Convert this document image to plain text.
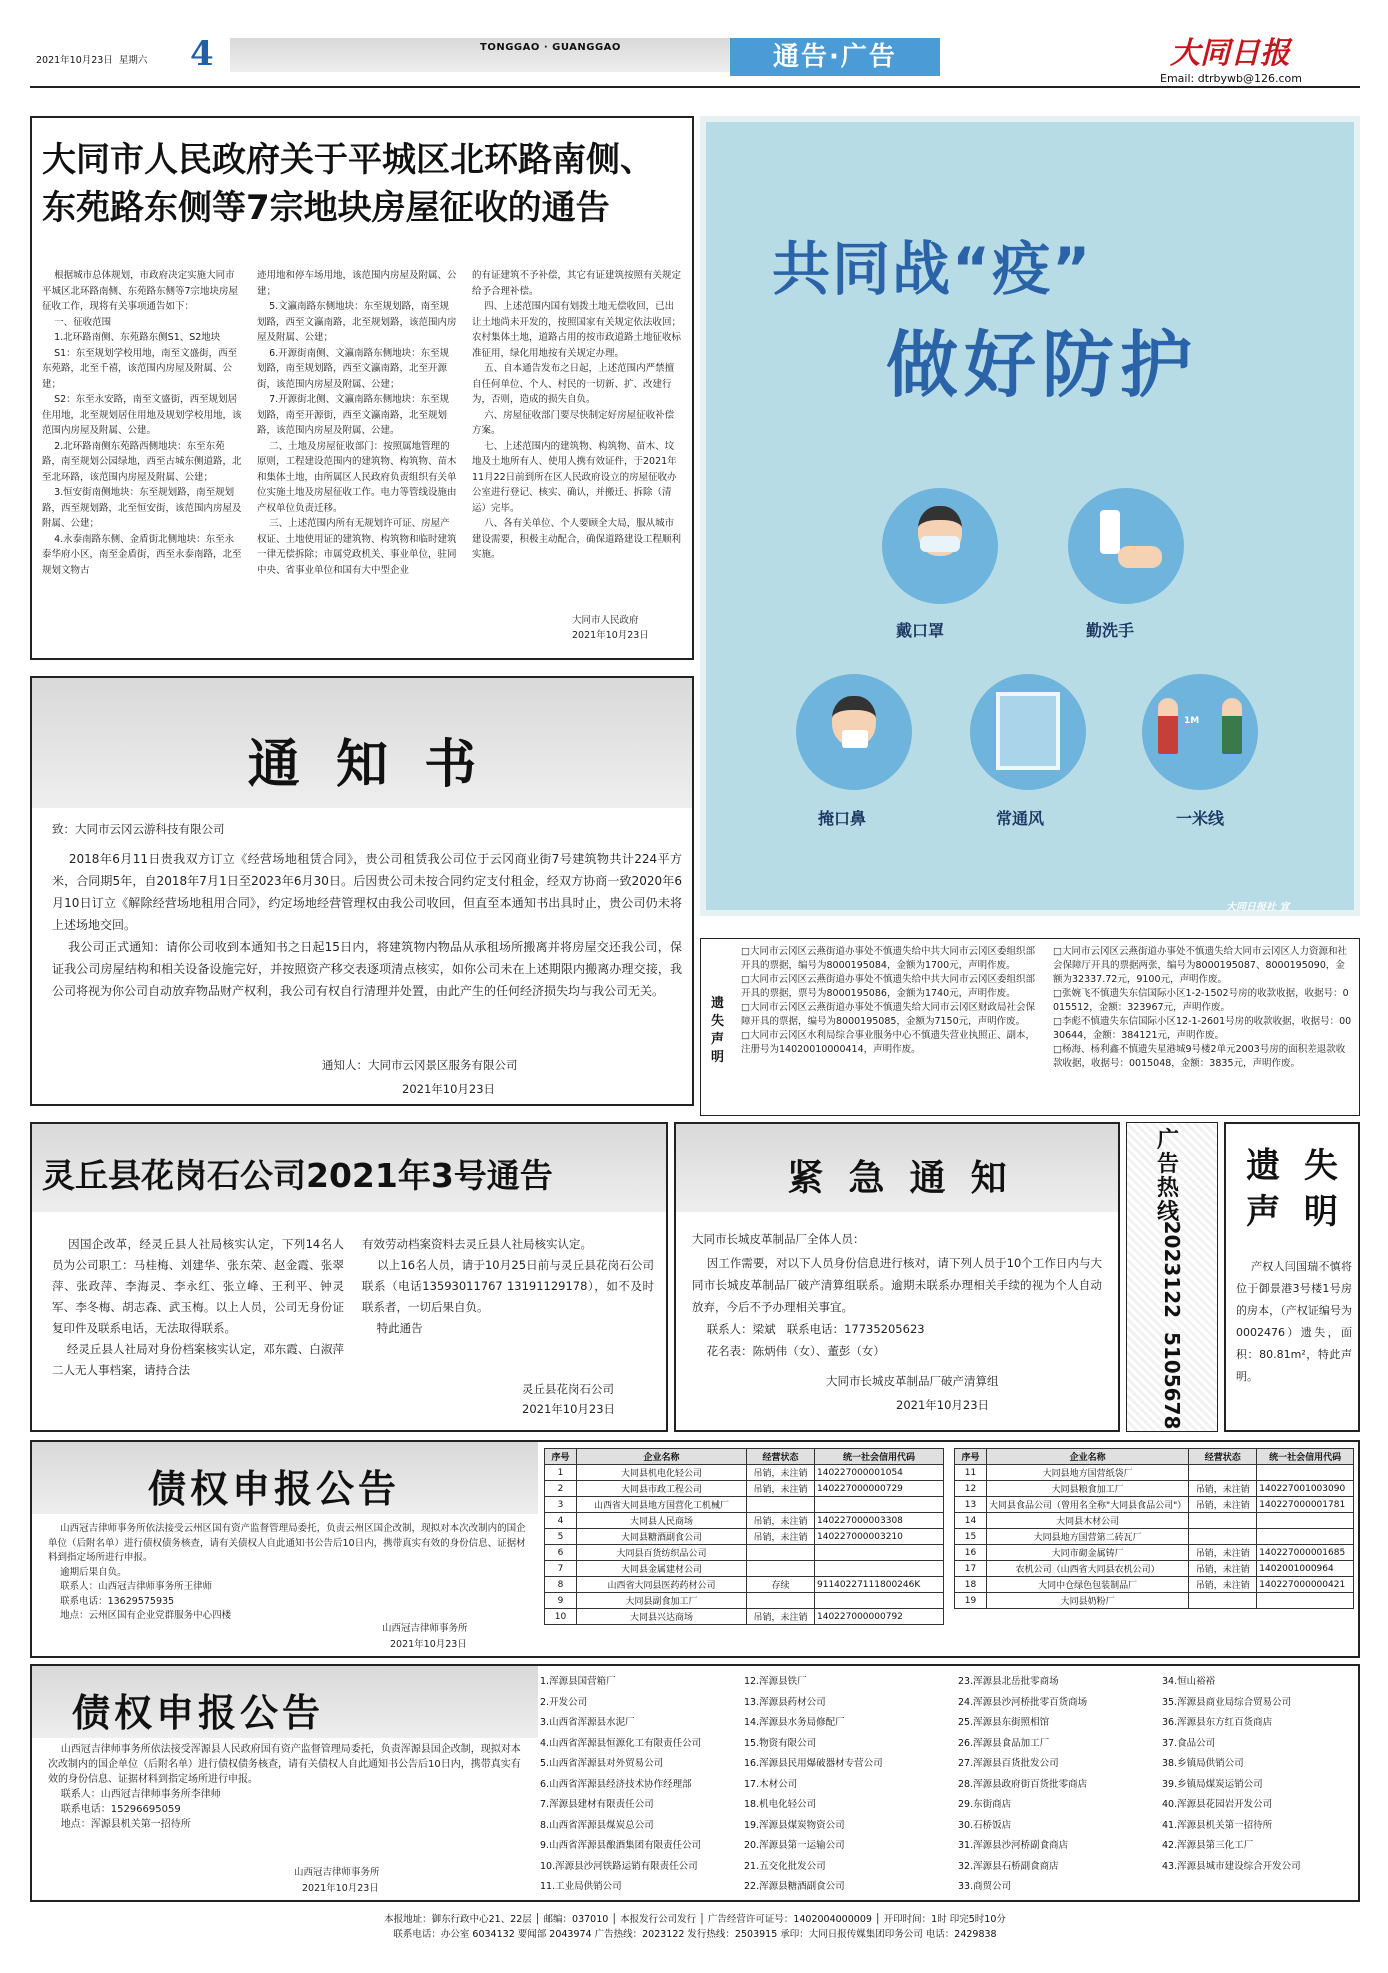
2021年10月23日 星期六 4	TONGGAO · GUANGGAO	通告·广告	大同日报
Email: dtrbywb@126.com
大同市人民政府关于平城区北环路南侧、
东苑路东侧等7宗地块房屋征收的通告
根据城市总体规划，市政府决定实施大同市平城区北环路南侧、东苑路东侧等7宗地块房屋征收工作，现将有关事项通告如下：
一、征收范围
1.北环路南侧、东苑路东侧S1、S2地块
S1：东至规划学校用地，南至文盛街，西至东苑路，北至千禧，该范围内房屋及附属、公建；
S2：东至永安路，南至文盛街，西至规划居住用地，北至规划居住用地及规划学校用地，该范围内房屋及附属、公建。
2.北环路南侧东苑路西侧地块：东至东苑路，南至规划公园绿地，西至古城东侧道路，北至北环路，该范围内房屋及附属、公建；
3.恒安街南侧地块：东至规划路，南至规划路，西至规划路，北至恒安街，该范围内房屋及附属、公建；
4.永泰南路东侧、金盾街北侧地块：东至永泰华府小区，南至金盾街，西至永泰南路，北至规划文物古
迹用地和停车场用地，该范围内房屋及附属、公建；
5.文瀛南路东侧地块：东至规划路，南至规划路，西至文瀛南路，北至规划路，该范围内房屋及附属、公建；
6.开源街南侧、文瀛南路东侧地块：东至规划路，南至规划路，西至文瀛南路，北至开源街，该范围内房屋及附属、公建；
7.开源街北侧、文瀛南路东侧地块：东至规划路，南至开源街，西至文瀛南路，北至规划路，该范围内房屋及附属、公建。
二、土地及房屋征收部门：按照属地管理的原则，工程建设范围内的建筑物、构筑物、苗木和集体土地，由所属区人民政府负责组织有关单位实施土地及房屋征收工作。电力等管线设施由产权单位负责迁移。
三、上述范围内所有无规划许可证、房屋产权证、土地使用证的建筑物、构筑物和临时建筑一律无偿拆除；市属党政机关、事业单位，驻同中央、省事业单位和国有大中型企业
的有证建筑不予补偿，其它有证建筑按照有关规定给予合理补偿。
四、上述范围内国有划拨土地无偿收回，已出让土地尚未开发的，按照国家有关规定依法收回；农村集体土地，道路占用的按市政道路土地征收标准征用，绿化用地按有关规定办理。
五、自本通告发布之日起，上述范围内严禁擅自任何单位、个人、村民的一切新、扩、改建行为，否则，造成的损失自负。
六、房屋征收部门要尽快制定好房屋征收补偿方案。
七、上述范围内的建筑物、构筑物、苗木、坟地及土地所有人、使用人携有效证件，于2021年11月22日前到所在区人民政府设立的房屋征收办公室进行登记、核实、确认，并搬迁、拆除（清运）完毕。
八、各有关单位、个人要顾全大局，服从城市建设需要，积极主动配合，确保道路建设工程顺利实施。
大同市人民政府
2021年10月23日
共同战“疫”
做好防护
戴口罩	勤洗手
掩口鼻	常通风
1M
一米线
大同日报社 宣
通  知  书
致：大同市云冈云游科技有限公司
2018年6月11日贵我双方订立《经营场地租赁合同》，贵公司租赁我公司位于云冈商业街7号建筑物共计224平方米，合同期5年，自2018年7月1日至2023年6月30日。后因贵公司未按合同约定支付租金，经双方协商一致2020年6月10日订立《解除经营场地租用合同》，约定场地经营管理权由我公司收回，但直至本通知书出具时止，贵公司仍未将上述场地交回。
我公司正式通知：请你公司收到本通知书之日起15日内，将建筑物内物品从承租场所搬离并将房屋交还我公司，保证我公司房屋结构和相关设备设施完好，并按照资产移交表逐项清点核实，如你公司未在上述期限内搬离办理交接，我公司将视为你公司自动放弃物品财产权利，我公司有权自行清理并处置，由此产生的任何经济损失均与我公司无关。
通知人：大同市云冈景区服务有限公司
2021年10月23日
遗失声明
□大同市云冈区云燕街道办事处不慎遗失给中共大同市云冈区委组织部开具的票据，编号为8000195084，金额为1700元，声明作废。
□大同市云冈区云燕街道办事处不慎遗失给中共大同市云冈区委组织部开具的票据，票号为8000195086，金额为1740元，声明作废。
□大同市云冈区云燕街道办事处不慎遗失给大同市云冈区财政局社会保障开具的票据，编号为8000195085，金额为7150元，声明作废。
□大同市云冈区水利局综合事业服务中心不慎遗失营业执照正、副本，注册号为14020010000414，声明作废。
□大同市云冈区云燕街道办事处不慎遗失给大同市云冈区人力资源和社会保障厅开具的票据两张，编号为8000195087、8000195090，金额为32337.72元，9100元，声明作废。
□张婉飞不慎遗失东信国际小区1-2-1502号房的收款收据，收据号：0015512，金额：323967元，声明作废。
□李彪不慎遗失东信国际小区12-1-2601号房的收款收据，收据号：0030644，金额：384121元，声明作废。
□杨海、杨利鑫不慎遗失星港城9号楼2单元2003号房的面积差退款收款收据，收据号：0015048，金额：3835元，声明作废。
灵丘县花岗石公司2021年3号通告
因国企改革，经灵丘县人社局核实认定，下列14名人员为公司职工：马桂梅、刘建华、张东荣、赵金霞、张翠萍、张政萍、李海灵、李永红、张立峰、王利平、钟灵军、李冬梅、胡志森、武玉梅。以上人员，公司无身份证复印件及联系电话，无法取得联系。
经灵丘县人社局对身份档案核实认定，邓东霞、白淑萍二人无人事档案，请持合法
有效劳动档案资料去灵丘县人社局核实认定。
以上16名人员，请于10月25日前与灵丘县花岗石公司联系（电话13593011767 13191129178），如不及时联系者，一切后果自负。
特此通告
灵丘县花岗石公司
2021年10月23日
紧  急  通  知
大同市长城皮革制品厂全体人员：
因工作需要，对以下人员身份信息进行核对，请下列人员于10个工作日内与大同市长城皮革制品厂破产清算组联系。逾期未联系办理相关手续的视为个人自动放弃，今后不予办理相关事宜。
联系人：梁斌   联系电话：17735205623
花名表：陈炳伟（女）、董彭（女）
大同市长城皮革制品厂破产清算组
2021年10月23日
广告热线
2023122  5105678
遗  失
声  明
产权人闫国瑞不慎将位于御景港3号楼1号房的房本，（产权证编号为0002476）遗失，面积：80.81m²，特此声明。
债权申报公告
山西冠吉律师事务所依法接受云州区国有资产监督管理局委托，负责云州区国企改制，现拟对本次改制内的国企单位（后附名单）进行债权债务核查，请有关债权人自此通知书公告后10日内，携带真实有效的身份信息、证据材料到指定场所进行申报。
逾期后果自负。
联系人：山西冠吉律师事务所王律师
联系电话：13629575935
地点：云州区国有企业党群服务中心四楼
山西冠吉律师事务所
2021年10月23日
序号	企业名称	经营状态	统一社会信用代码
1	大同县机电化轻公司	吊销，未注销	140227000001054
2	大同县市政工程公司	吊销，未注销	140227000000729
3	山西省大同县地方国营化工机械厂		
4	大同县人民商场	吊销，未注销	140227000003308
5	大同县糖酒副食公司	吊销，未注销	140227000003210
6	大同县百货纺织品公司		
7	大同县金属建材公司		
8	山西省大同县医药药材公司	存续	91140227111800246K
9	大同县副食加工厂		
10	大同县兴达商场	吊销，未注销	140227000000792
序号	企业名称	经营状态	统一社会信用代码
11	大同县地方国营纸袋厂		
12	大同县粮食加工厂	吊销，未注销	140227001003090
13	大同县食品公司（曾用名全称"大同县食品公司"）	吊销，未注销	140227000001781
14	大同县木材公司		
15	大同县地方国营第二砖瓦厂		
16	大同市砌金属铸厂	吊销，未注销	140227000001685
17	农机公司（山西省大同县农机公司）	吊销，未注销	1402001000964
18	大同中仓绿色包装制品厂	吊销，未注销	140227000000421
19	大同县奶粉厂		
债权申报公告
山西冠吉律师事务所依法接受浑源县人民政府国有资产监督管理局委托，负责浑源县国企改制，现拟对本次改制内的国企单位（后附名单）进行债权债务核查，请有关债权人自此通知书公告后10日内，携带真实有效的身份信息、证据材料到指定场所进行申报。
联系人：山西冠吉律师事务所李律师
联系电话：15296695059
地点：浑源县机关第一招待所
山西冠吉律师事务所
2021年10月23日
1.浑源县国营箱厂
2.开发公司
3.山西省浑源县水泥厂
4.山西省浑源县恒源化工有限责任公司
5.山西省浑源县对外贸易公司
6.山西省浑源县经济技术协作经理部
7.浑源县建材有限责任公司
8.山西省浑源县煤炭总公司
9.山西省浑源县酿酒集团有限责任公司
10.浑源县沙河铁路运销有限责任公司
11.工业局供销公司
12.浑源县铁厂
13.浑源县药材公司
14.浑源县水务局修配厂
15.物资有限公司
16.浑源县民用爆破器材专营公司
17.木材公司
18.机电化轻公司
19.浑源县煤炭物资公司
20.浑源县第一运输公司
21.五交化批发公司
22.浑源县糖酒副食公司
23.浑源县北岳批零商场
24.浑源县沙河桥批零百货商场
25.浑源县东街照相馆
26.浑源县食品加工厂
27.浑源县百货批发公司
28.浑源县政府街百货批零商店
29.东街商店
30.石桥饭店
31.浑源县沙河桥副食商店
32.浑源县石桥副食商店
33.商贸公司
34.恒山裕裕
35.浑源县商业局综合贸易公司
36.浑源县东方红百货商店
37.食品公司
38.乡镇局供销公司
39.乡镇局煤炭运销公司
40.浑源县花园岩开发公司
41.浑源县机关第一招待所
42.浑源县第三化工厂
43.浑源县城市建设综合开发公司
本报地址：御东行政中心21、22层 │ 邮编：037010 │ 本报发行公司发行 │ 广告经营许可证号：1402004000009 │ 开印时间：1时 印完5时10分
联系电话：办公室 6034132 要闻部 2043974 广告热线：2023122 发行热线：2503915 承印：大同日报传媒集团印务公司 电话：2429838
